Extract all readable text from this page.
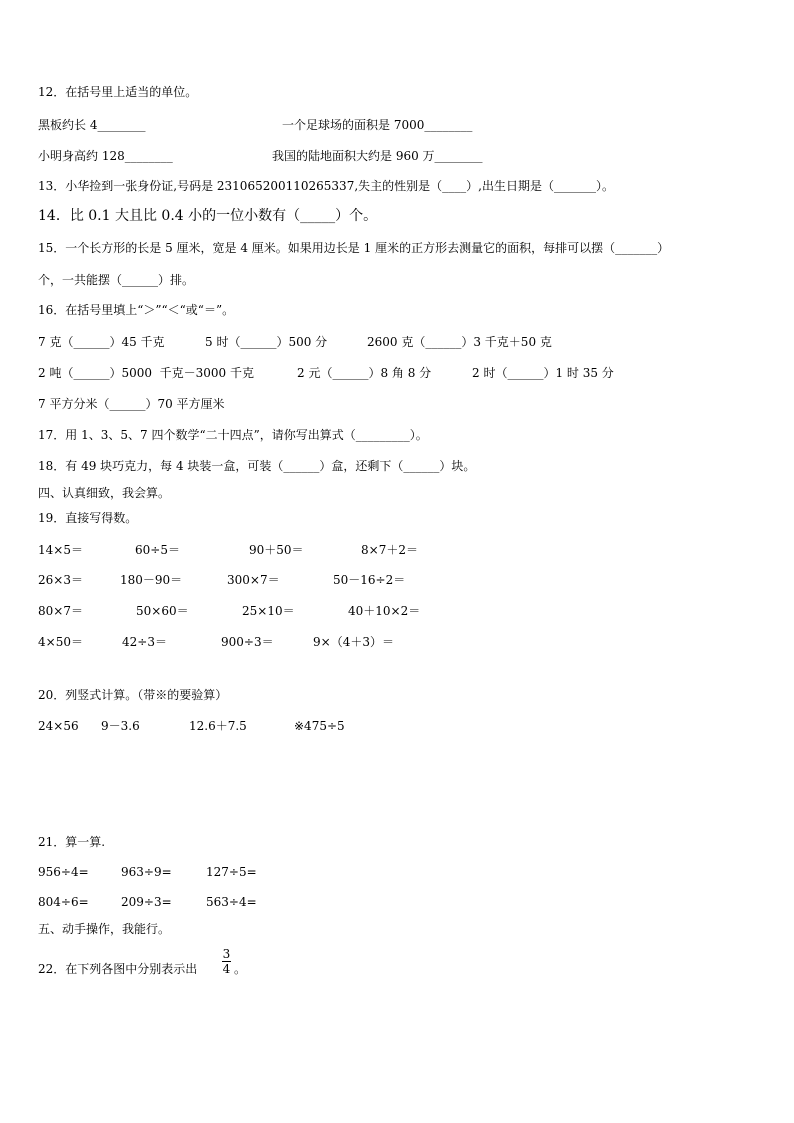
12．在括号里上适当的单位。
黑板约长 4________	一个足球场的面积是 7000________
小明身高约 128________	我国的陆地面积大约是 960 万________
13．小华捡到一张身份证,号码是 231065200110265337,失主的性别是（____）,出生日期是（_______）。
14．比 0.1 大且比 0.4 小的一位小数有（_____）个。
15．一个长方形的长是 5 厘米，宽是 4 厘米。如果用边长是 1 厘米的正方形去测量它的面积，每排可以摆（_______）
个，一共能摆（______）排。
16．在括号里填上“＞”“＜“或“＝”。
7 克（______）45 千克	5 时（______）500 分	2600 克（______）3 千克＋50 克
2 吨（______）5000  千克－3000 千克	2 元（______）8 角 8 分	2 时（______）1 时 35 分
7 平方分米（______）70 平方厘米
17．用 1、3、5、7 四个数学“二十四点”，请你写出算式（_________）。
18．有 49 块巧克力，每 4 块装一盒，可装（______）盒，还剩下（______）块。
四、认真细致，我会算。
19．直接写得数。
14×5＝	60÷5＝	90＋50＝	8×7＋2＝
26×3＝	180－90＝	300×7＝	50－16÷2＝
80×7＝	50×60＝	25×10＝	40＋10×2＝
4×50＝	42÷3＝	900÷3＝	9×（4＋3）＝
20．列竖式计算。（带※的要验算）
24×56 9－3.6	12.6＋7.5	※475÷5
21．算一算.
956÷4=	963÷9=	127÷5=
804÷6=	209÷3=	563÷4=
五、动手操作，我能行。
22．在下列各图中分别表示出
3
4 。
